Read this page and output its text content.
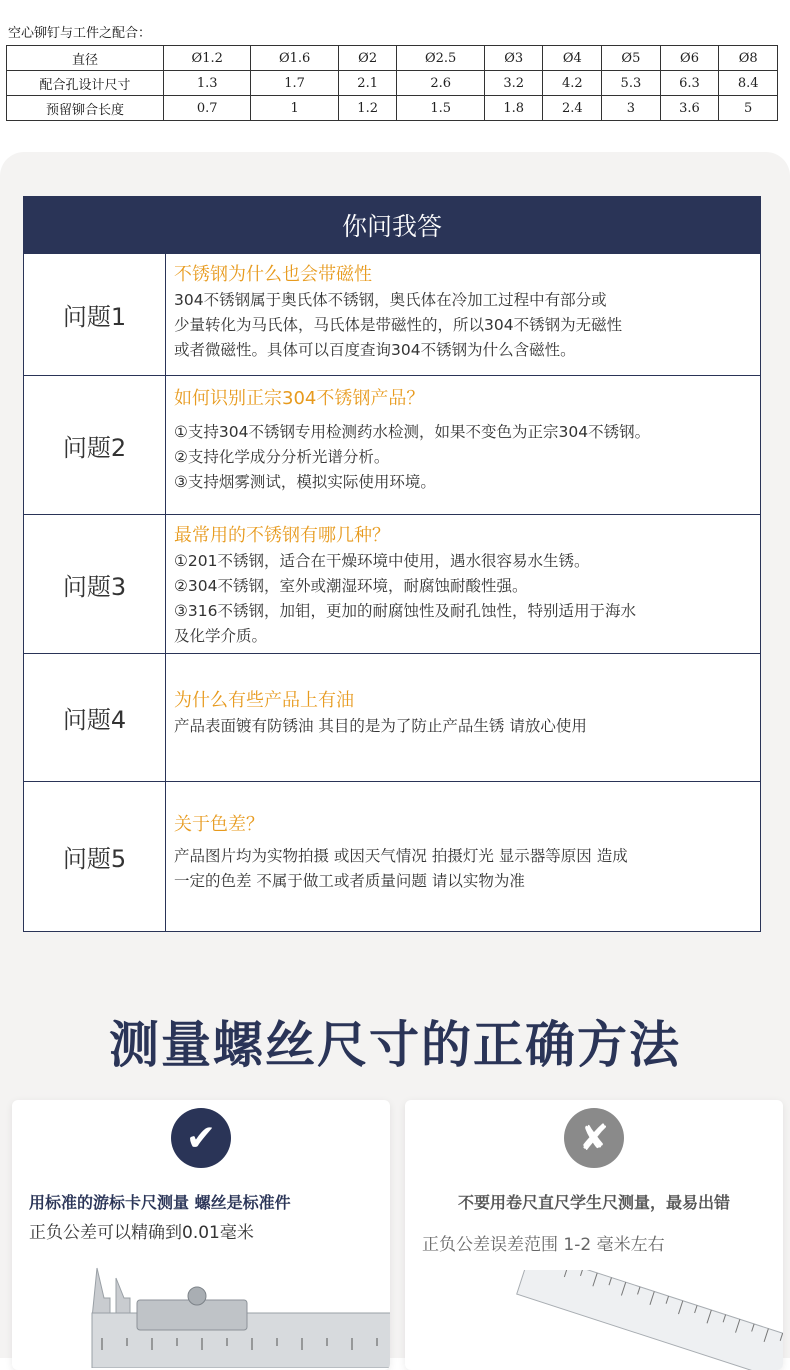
空心铆钉与工件之配合：
直径	Ø1.2	Ø1.6	Ø2	Ø2.5	Ø3	Ø4	Ø5	Ø6	Ø8
配合孔设计尺寸	1.3	1.7	2.1	2.6	3.2	4.2	5.3	6.3	8.4
预留铆合长度	0.7	1	1.2	1.5	1.8	2.4	3	3.6	5
你问我答
问题1
不锈钢为什么也会带磁性
304不锈钢属于奥氏体不锈钢，奥氏体在冷加工过程中有部分或
少量转化为马氏体，马氏体是带磁性的，所以304不锈钢为无磁性
或者微磁性。具体可以百度查询304不锈钢为什么含磁性。
问题2
如何识别正宗304不锈钢产品？
①支持304不锈钢专用检测药水检测，如果不变色为正宗304不锈钢。
②支持化学成分分析光谱分析。
③支持烟雾测试，模拟实际使用环境。
问题3
最常用的不锈钢有哪几种？
①201不锈钢，适合在干燥环境中使用，遇水很容易水生锈。
②304不锈钢，室外或潮湿环境，耐腐蚀耐酸性强。
③316不锈钢，加钼，更加的耐腐蚀性及耐孔蚀性，特别适用于海水
及化学介质。
问题4
为什么有些产品上有油
产品表面镀有防锈油 其目的是为了防止产品生锈 请放心使用
问题5
关于色差？
产品图片均为实物拍摄 或因天气情况 拍摄灯光 显示器等原因 造成
一定的色差 不属于做工或者质量问题 请以实物为准
测量螺丝尺寸的正确方法
✔
用标准的游标卡尺测量 螺丝是标准件
正负公差可以精确到0.01毫米
✘
不要用卷尺直尺学生尺测量，最易出错
正负公差误差范围 1-2 毫米左右
